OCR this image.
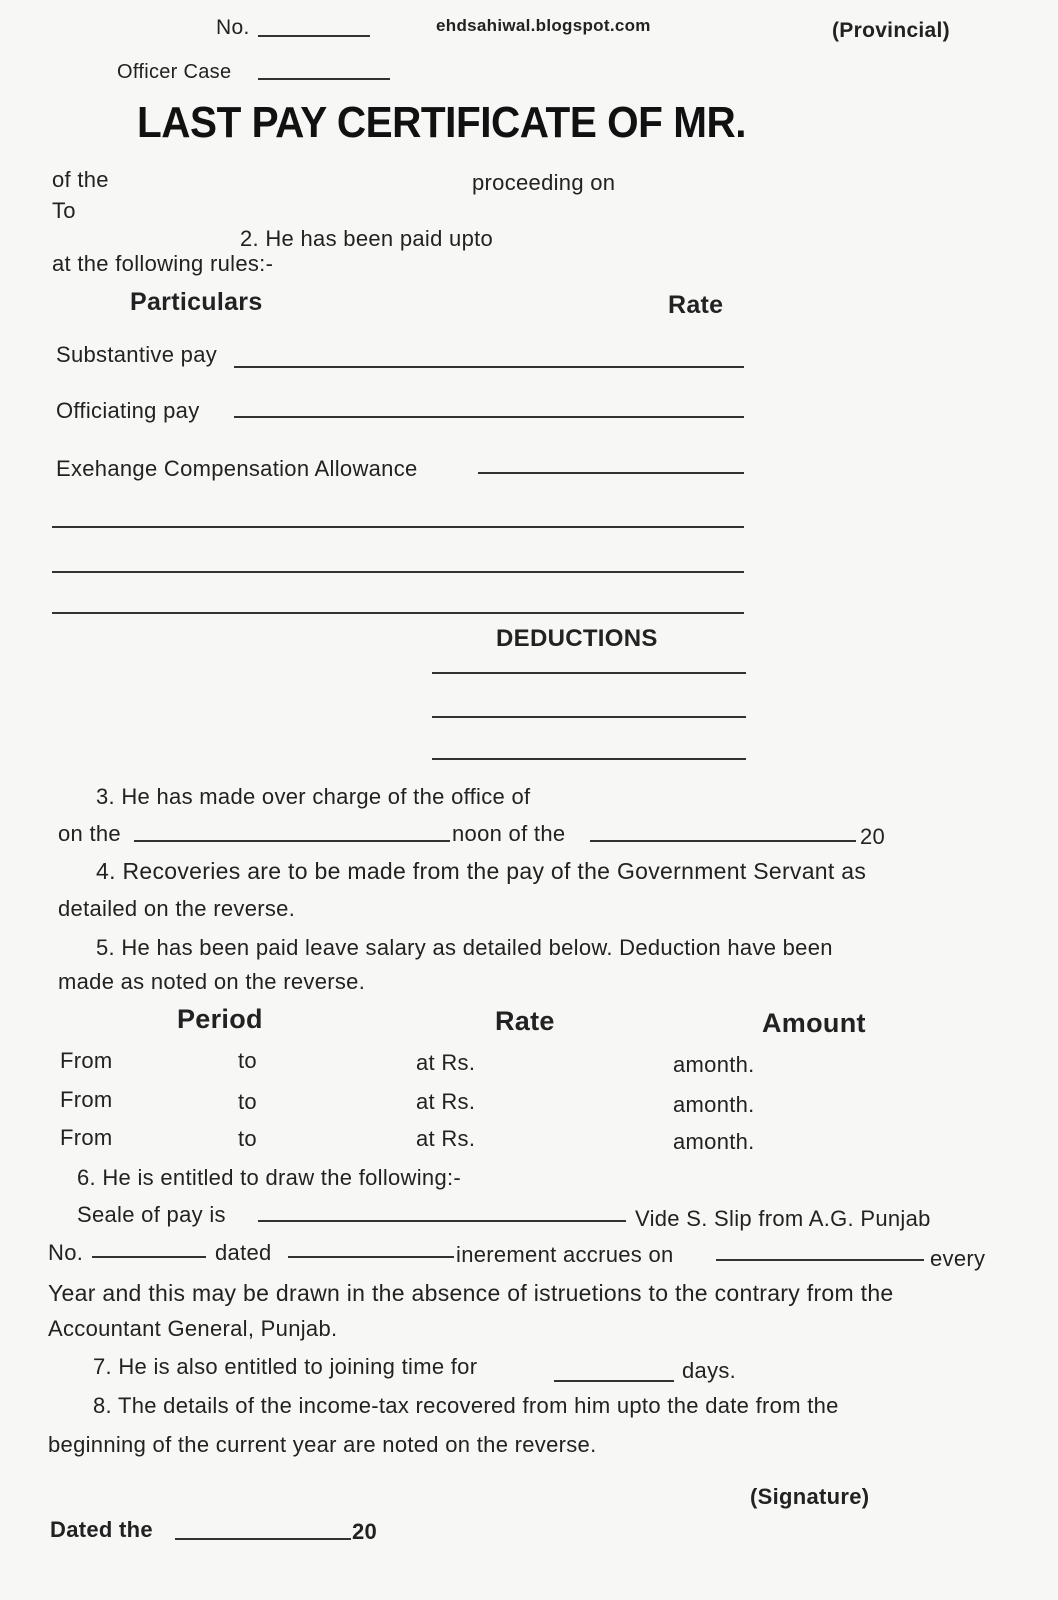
No.	ehdsahiwal.blogspot.com	(Provincial)
Officer Case
LAST PAY CERTIFICATE OF MR.
of the	proceeding on
To
2. He has been paid upto
at the following rules:-
Particulars	Rate
Substantive pay
Officiating pay
Exehange Compensation Allowance
DEDUCTIONS
3. He has made over charge of the office of
on the	noon of the	20
4. Recoveries are to be made from the pay of the Government Servant as
detailed on the reverse.
5. He has been paid leave salary as detailed below. Deduction have been
made as noted on the reverse.
Period	Rate	Amount
From	to	at Rs.	amonth.
From	to	at Rs.	amonth.
From	to	at Rs.	amonth.
6. He is entitled to draw the following:-
Seale of pay is	Vide S. Slip from A.G. Punjab
No.	dated	inerement accrues on	every
Year and this may be drawn in the absence of istruetions to the contrary from the
Accountant General, Punjab.
7. He is also entitled to joining time for	days.
8. The details of the income-tax recovered from him upto the date from the
beginning of the current year are noted on the reverse.
(Signature)
Dated the	20
